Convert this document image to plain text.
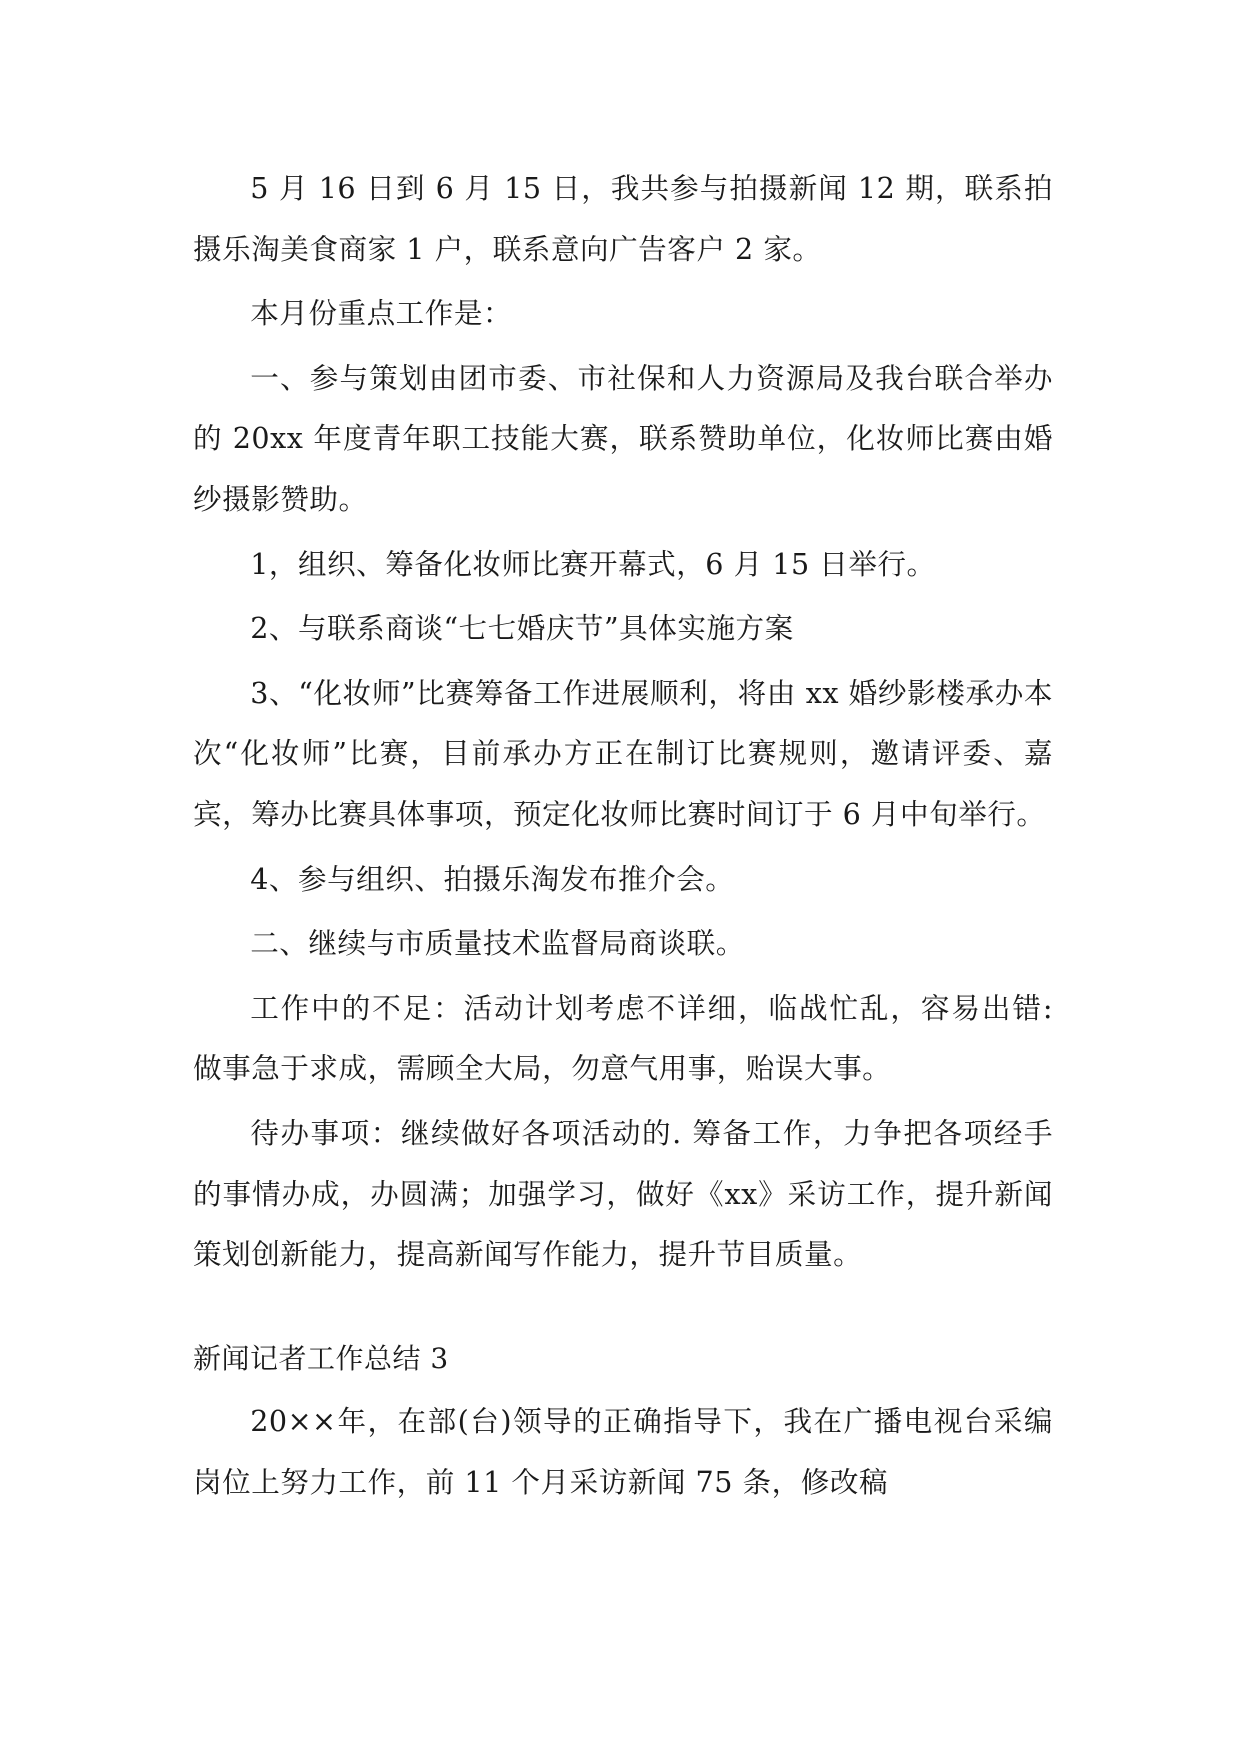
5 月 16 日到 6 月 15 日，我共参与拍摄新闻 12 期，联系拍摄乐淘美食商家 1 户，联系意向广告客户 2 家。

本月份重点工作是：

一、参与策划由团市委、市社保和人力资源局及我台联合举办的 20xx 年度青年职工技能大赛，联系赞助单位，化妆师比赛由婚纱摄影赞助。

1，组织、筹备化妆师比赛开幕式，6 月 15 日举行。

2、与联系商谈“七七婚庆节”具体实施方案

3、“化妆师”比赛筹备工作进展顺利，将由 xx 婚纱影楼承办本次“化妆师”比赛，目前承办方正在制订比赛规则，邀请评委、嘉宾，筹办比赛具体事项，预定化妆师比赛时间订于 6 月中旬举行。

4、参与组织、拍摄乐淘发布推介会。

二、继续与市质量技术监督局商谈联。

工作中的不足：活动计划考虑不详细，临战忙乱，容易出错: 做事急于求成，需顾全大局，勿意气用事，贻误大事。

待办事项：继续做好各项活动的. 筹备工作，力争把各项经手的事情办成，办圆满；加强学习，做好《xx》采访工作，提升新闻策划创新能力，提高新闻写作能力，提升节目质量。

新闻记者工作总结 3

20××年，在部(台)领导的正确指导下，我在广播电视台采编岗位上努力工作，前 11 个月采访新闻 75 条，修改稿
